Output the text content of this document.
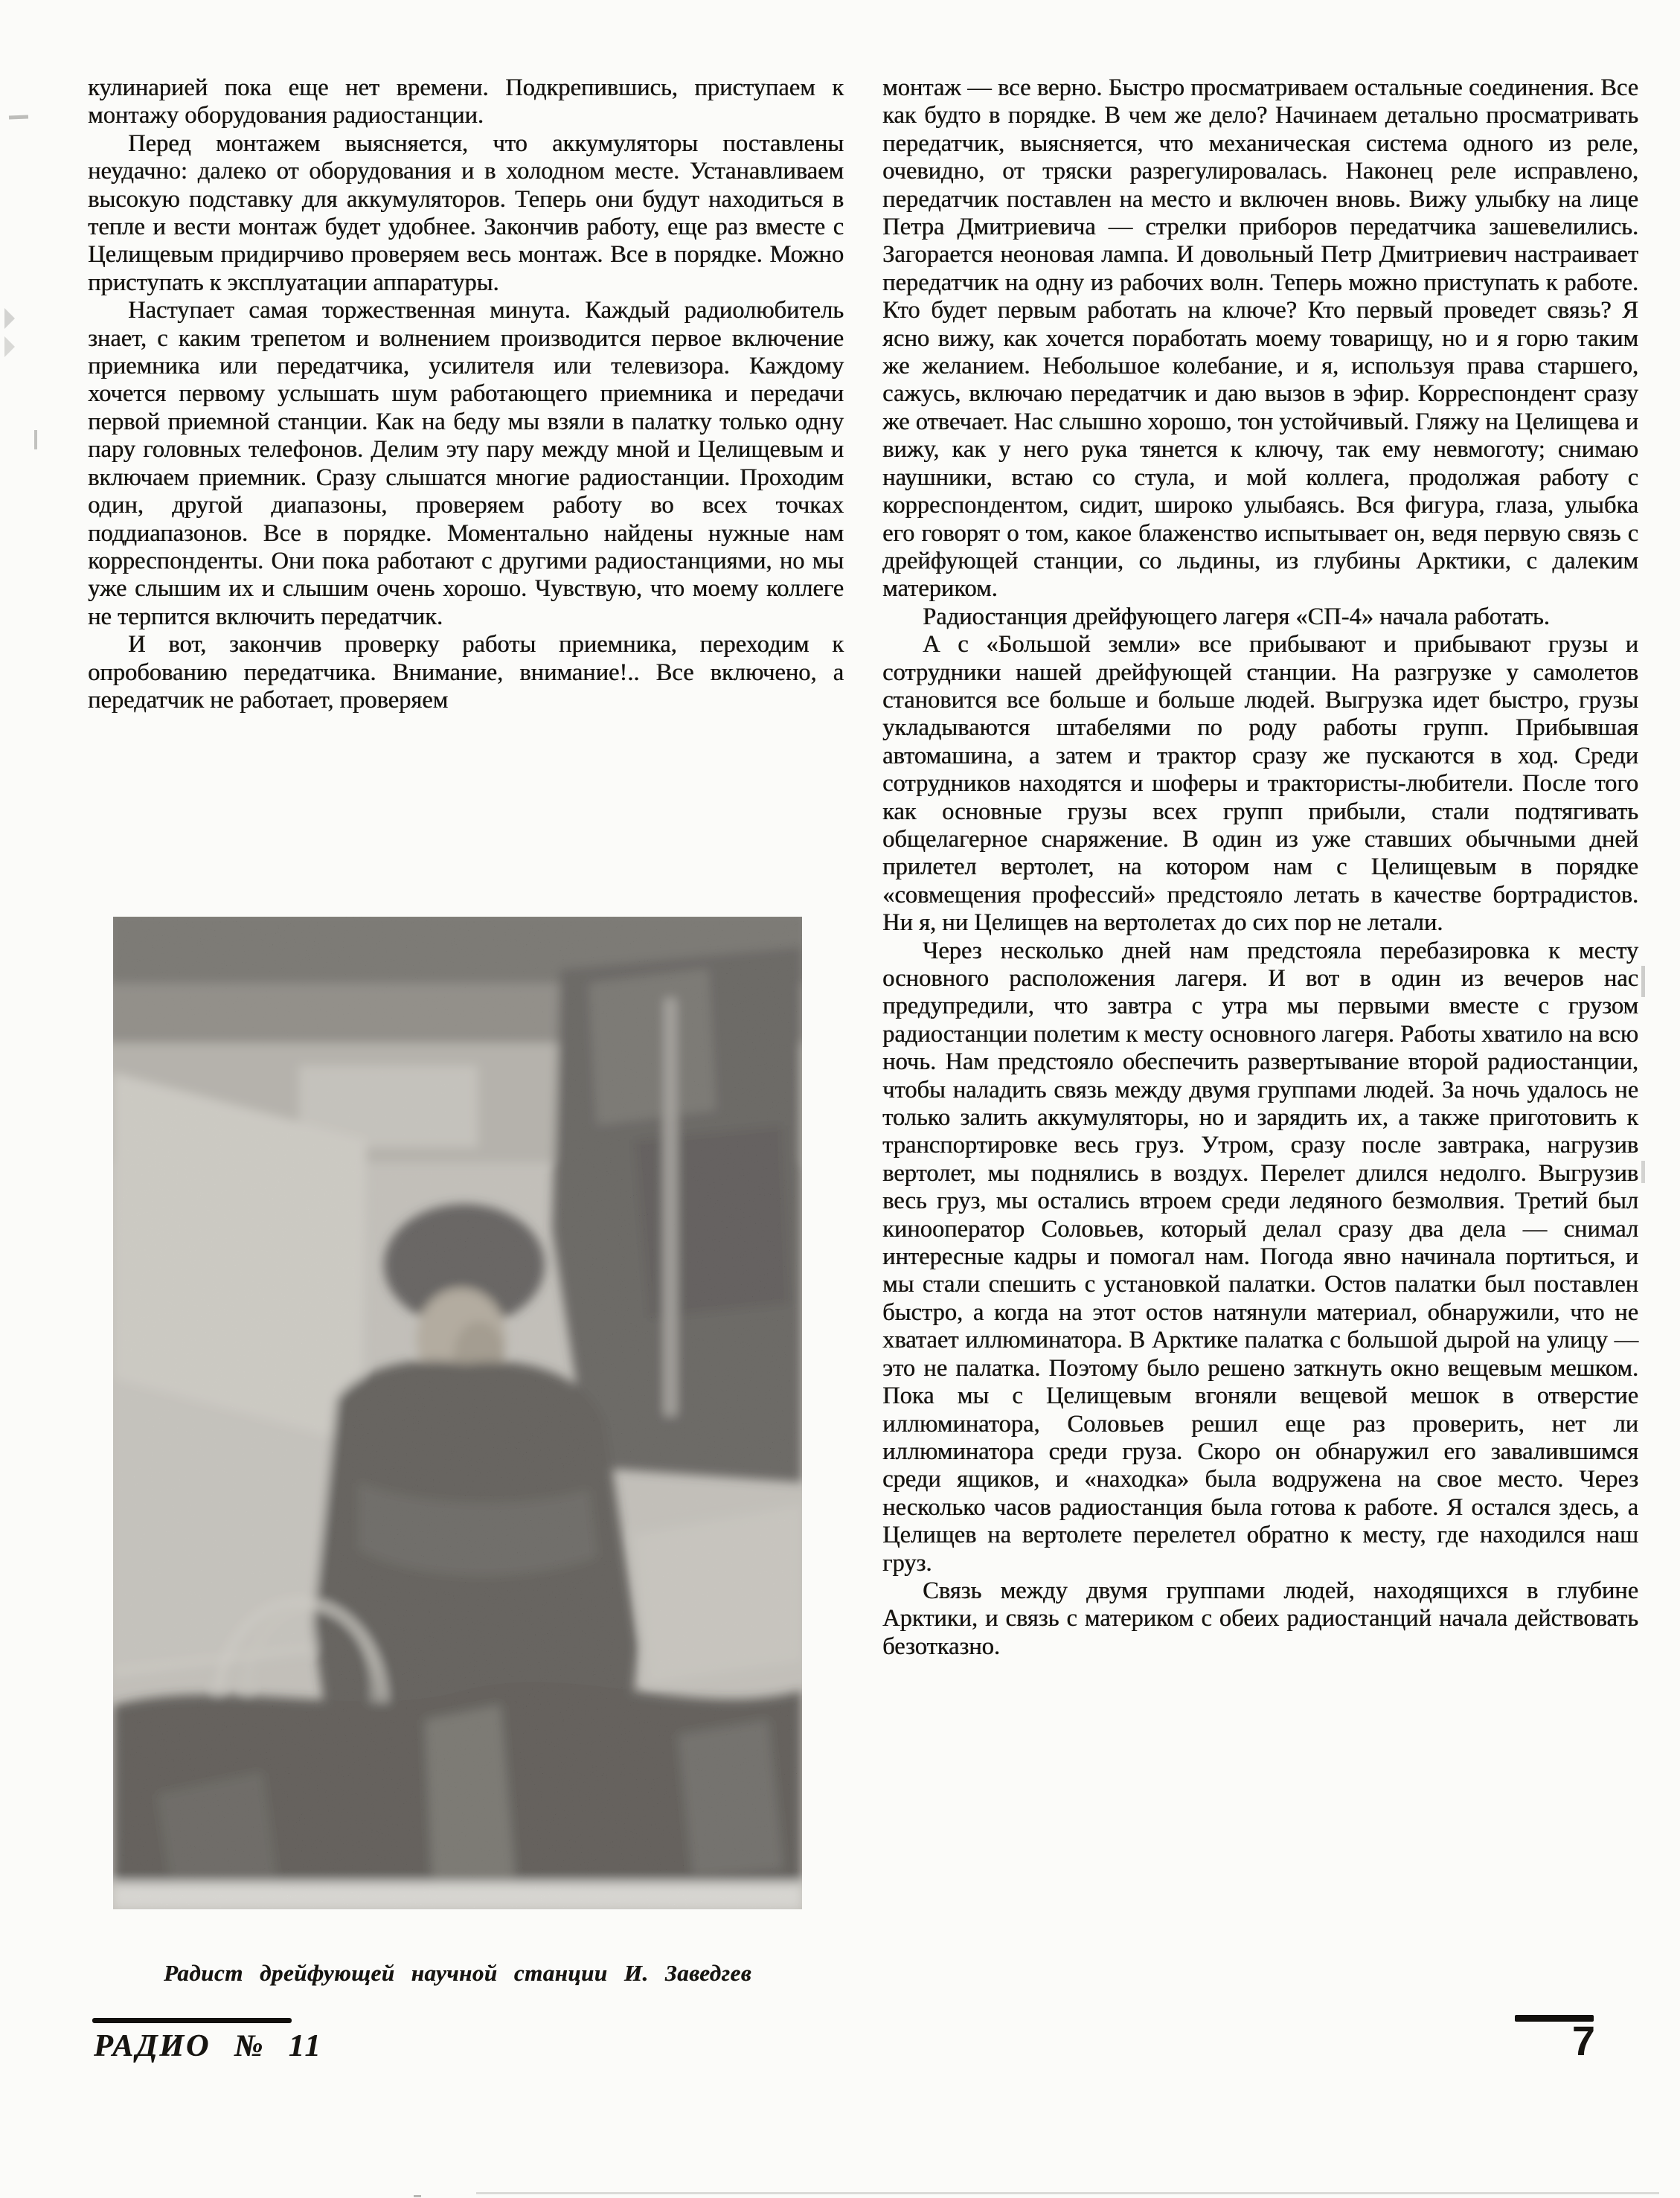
кулинарией пока еще нет времени. Подкрепившись, приступаем к монтажу оборудования радиостанции.

Перед монтажем выясняется, что аккумуляторы поставлены неудачно: далеко от оборудования и в холодном месте. Устанавливаем высокую подставку для аккумуляторов. Теперь они будут находиться в тепле и вести монтаж будет удобнее. Закончив работу, еще раз вместе с Целищевым придирчиво проверяем весь монтаж. Все в порядке. Можно приступать к эксплуатации аппаратуры.

Наступает самая торжественная минута. Каждый радиолюбитель знает, с каким трепетом и волнением производится первое включение приемника или передатчика, усилителя или телевизора. Каждому хочется первому услышать шум работающего приемника и передачи первой приемной станции. Как на беду мы взяли в палатку только одну пару головных телефонов. Делим эту пару между мной и Целищевым и включаем приемник. Сразу слышатся многие радиостанции. Проходим один, другой диапазоны, проверяем работу во всех точках поддиапазонов. Все в порядке. Моментально найдены нужные нам корреспонденты. Они пока работают с другими радиостанциями, но мы уже слышим их и слышим очень хорошо. Чувствую, что моему коллеге не терпится включить передатчик.

И вот, закончив проверку работы приемника, переходим к опробованию передатчика. Внимание, внимание!.. Все включено, а передатчик не работает, проверяем

монтаж — все верно. Быстро просматриваем остальные соединения. Все как будто в порядке. В чем же дело? Начинаем детально просматривать передатчик, выясняется, что механическая система одного из реле, очевидно, от тряски разрегулировалась. Наконец реле исправлено, передатчик поставлен на место и включен вновь. Вижу улыбку на лице Петра Дмитриевича — стрелки приборов передатчика зашевелились. Загорается неоновая лампа. И довольный Петр Дмитриевич настраивает передатчик на одну из рабочих волн. Теперь можно приступать к работе. Кто будет первым работать на ключе? Кто первый проведет связь? Я ясно вижу, как хочется поработать моему товарищу, но и я горю таким же желанием. Небольшое колебание, и я, используя права старшего, сажусь, включаю передатчик и даю вызов в эфир. Корреспондент сразу же отвечает. Нас слышно хорошо, тон устойчивый. Гляжу на Целищева и вижу, как у него рука тянется к ключу, так ему невмоготу; снимаю наушники, встаю со стула, и мой коллега, продолжая работу с корреспондентом, сидит, широко улыбаясь. Вся фигура, глаза, улыбка его говорят о том, какое блаженство испытывает он, ведя первую связь с дрейфующей станции, со льдины, из глубины Арктики, с далеким материком.

Радиостанция дрейфующего лагеря «СП-4» начала работать.

А с «Большой земли» все прибывают и прибывают грузы и сотрудники нашей дрейфующей станции. На разгрузке у самолетов становится все больше и больше людей. Выгрузка идет быстро, грузы укладываются штабелями по роду работы групп. Прибывшая автомашина, а затем и трактор сразу же пускаются в ход. Среди сотрудников находятся и шоферы и трактористы-любители. После того как основные грузы всех групп прибыли, стали подтягивать общелагерное снаряжение. В один из уже ставших обычными дней прилетел вертолет, на котором нам с Целищевым в порядке «совмещения профессий» предстояло летать в качестве бортрадистов. Ни я, ни Целищев на вертолетах до сих пор не летали.

Через несколько дней нам предстояла перебазировка к месту основного расположения лагеря. И вот в один из вечеров нас предупредили, что завтра с утра мы первыми вместе с грузом радиостанции полетим к месту основного лагеря. Работы хватило на всю ночь. Нам предстояло обеспечить развертывание второй радиостанции, чтобы наладить связь между двумя группами людей. За ночь удалось не только залить аккумуляторы, но и зарядить их, а также приготовить к транспортировке весь груз. Утром, сразу после завтрака, нагрузив вертолет, мы поднялись в воздух. Перелет длился недолго. Выгрузив весь груз, мы остались втроем среди ледяного безмолвия. Третий был кинооператор Соловьев, который делал сразу два дела — снимал интересные кадры и помогал нам. Погода явно начинала портиться, и мы стали спешить с установкой палатки. Остов палатки был поставлен быстро, а когда на этот остов натянули материал, обнаружили, что не хватает иллюминатора. В Арктике палатка с большой дырой на улицу — это не палатка. Поэтому было решено заткнуть окно вещевым мешком. Пока мы с Целищевым вгоняли вещевой мешок в отверстие иллюминатора, Соловьев решил еще раз проверить, нет ли иллюминатора среди груза. Скоро он обнаружил его завалившимся среди ящиков, и «находка» была водружена на свое место. Через несколько часов радиостанция была готова к работе. Я остался здесь, а Целищев на вертолете перелетел обратно к месту, где находился наш груз.

Связь между двумя группами людей, находящихся в глубине Арктики, и связь с материком с обеих радиостанций начала действовать безотказно.

Радист дрейфующей научной станции И. Заведгев
РАДИО № 11	7
